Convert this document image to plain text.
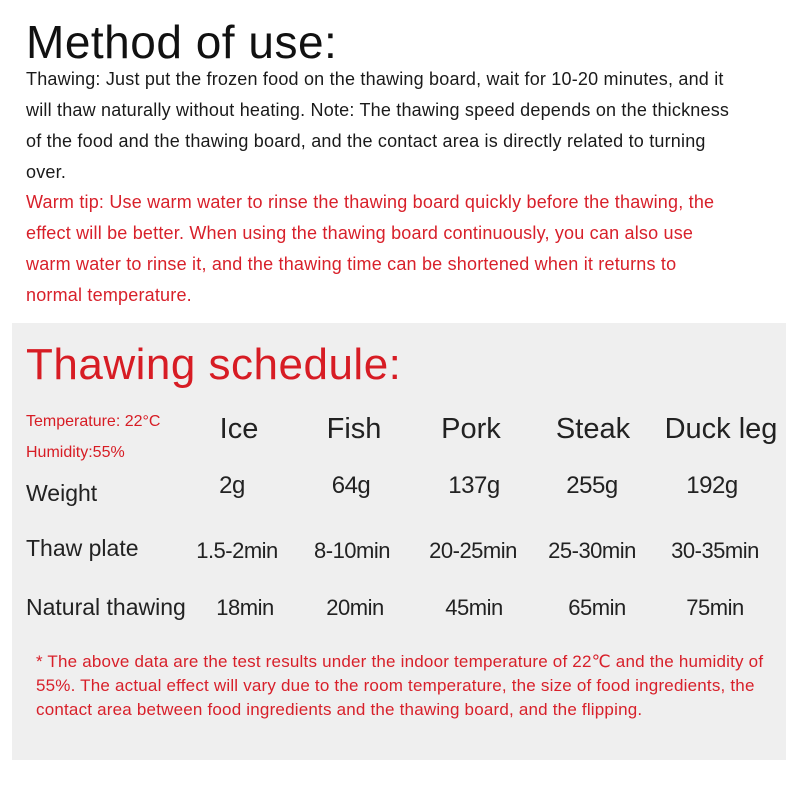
Method of use:

Thawing: Just put the frozen food on the thawing board, wait for 10-20 minutes, and it will thaw naturally without heating. Note: The thawing speed depends on the thickness of the food and the thawing board, and the contact area is directly related to turning over.

Warm tip: Use warm water to rinse the thawing board quickly before the thawing, the effect will be better. When using the thawing board continuously, you can also use warm water to rinse it, and the thawing time can be shortened when it returns to normal temperature.

Thawing schedule:
Temperature: 22°C
Humidity:55%
Ice Fish Pork Steak Duck leg
Weight	2g	64g	137g	255g	192g
Thaw plate	1.5-2min 8-10min 20-25min 25-30min 30-35min
Natural thawing 18min 20min	45min	65min	75min

* The above data are the test results under the indoor temperature of 22℃ and the humidity of 55%. The actual effect will vary due to the room temperature, the size of food ingredients, the contact area between food ingredients and the thawing board, and the flipping.
